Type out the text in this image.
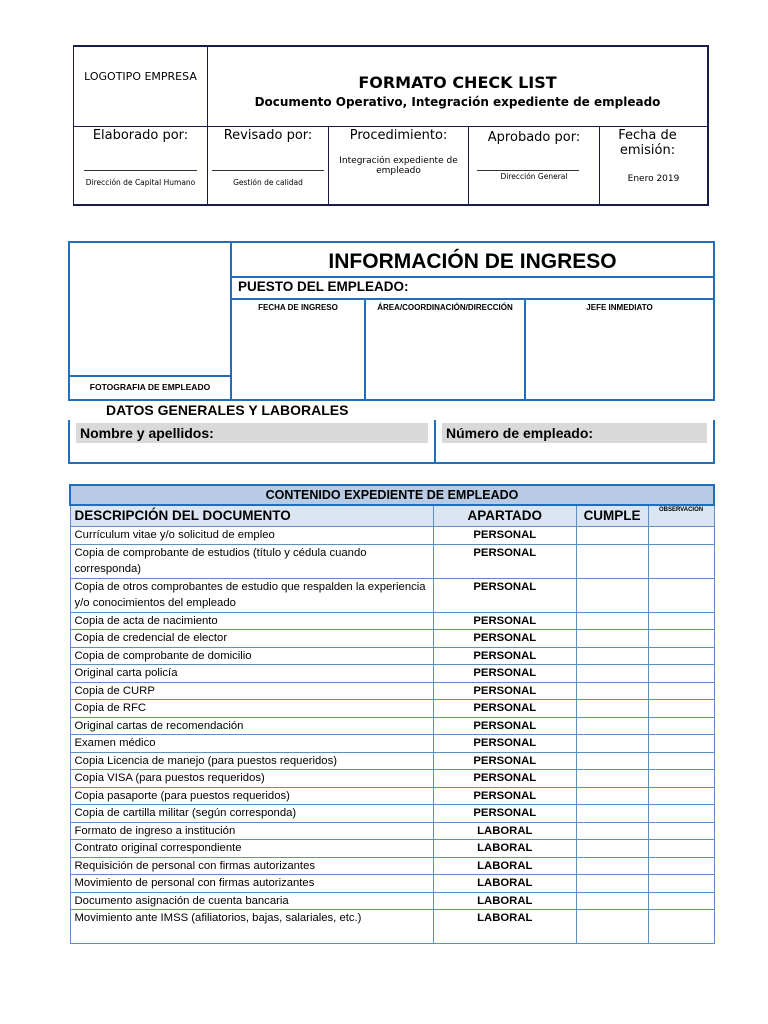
LOGOTIPO EMPRESA	FORMATO CHECK LIST
Documento Operativo, Integración expediente de empleado
Elaborado por:
Dirección de Capital Humano
Revisado por:
Gestión de calidad
Procedimiento:
Integración expediente de empleado
Aprobado por:
Dirección General
Fecha de emisión:
Enero 2019
FOTOGRAFIA DE EMPLEADO
INFORMACIÓN DE INGRESO
PUESTO DEL EMPLEADO:
FECHA DE INGRESO	ÁREA/COORDINACIÓN/DIRECCIÓN	JEFE INMEDIATO
DATOS GENERALES Y LABORALES
Nombre y apellidos:	Número de empleado:
CONTENIDO EXPEDIENTE DE EMPLEADO			
DESCRIPCIÓN DEL DOCUMENTO	APARTADO	CUMPLE	OBSERVACIÓN
Currículum vitae y/o solicitud de empleo	PERSONAL		
Copia de comprobante de estudios (título y cédula cuando corresponda)	PERSONAL		
Copia de otros comprobantes de estudio que respalden la experiencia y/o conocimientos del empleado	PERSONAL		
Copia de acta de nacimiento	PERSONAL		
Copia de credencial de elector	PERSONAL		
Copia de comprobante de domicilio	PERSONAL		
Original carta policía	PERSONAL		
Copia de CURP	PERSONAL		
Copia de RFC	PERSONAL		
Original cartas de recomendación	PERSONAL		
Examen médico	PERSONAL		
Copia Licencia de manejo (para puestos requeridos)	PERSONAL		
Copia VISA (para puestos requeridos)	PERSONAL		
Copia pasaporte (para puestos requeridos)	PERSONAL		
Copia de cartilla militar (según corresponda)	PERSONAL		
Formato de ingreso a institución	LABORAL		
Contrato original correspondiente	LABORAL		
Requisición de personal con firmas autorizantes	LABORAL		
Movimiento de personal con firmas autorizantes	LABORAL		
Documento asignación de cuenta bancaria	LABORAL		
Movimiento ante IMSS (afiliatorios, bajas, salariales, etc.)	LABORAL		
